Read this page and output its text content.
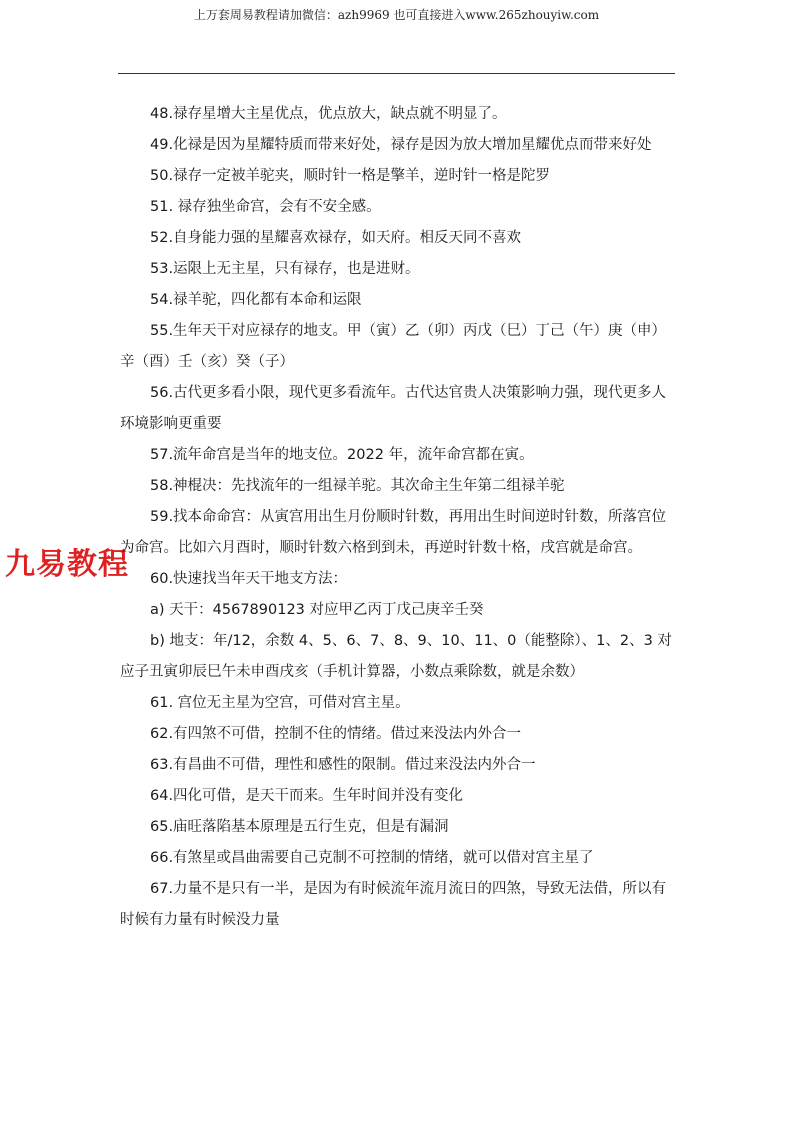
上万套周易教程请加微信：azh9969 也可直接进入www.265zhouyiw.com
九易教程

48.禄存星增大主星优点，优点放大，缺点就不明显了。

49.化禄是因为星耀特质而带来好处，禄存是因为放大增加星耀优点而带来好处

50.禄存一定被羊驼夹，顺时针一格是擎羊，逆时针一格是陀罗

51. 禄存独坐命宫，会有不安全感。

52.自身能力强的星耀喜欢禄存，如天府。相反天同不喜欢

53.运限上无主星，只有禄存，也是进财。

54.禄羊驼，四化都有本命和运限

55.生年天干对应禄存的地支。甲（寅）乙（卯）丙戊（巳）丁己（午）庚（申）辛（酉）壬（亥）癸（子）

56.古代更多看小限，现代更多看流年。古代达官贵人决策影响力强，现代更多人环境影响更重要

57.流年命宫是当年的地支位。2022 年，流年命宫都在寅。

58.神棍决：先找流年的一组禄羊驼。其次命主生年第二组禄羊驼

59.找本命命宫：从寅宫用出生月份顺时针数，再用出生时间逆时针数，所落宫位为命宫。比如六月酉时，顺时针数六格到到未，再逆时针数十格，戌宫就是命宫。

60.快速找当年天干地支方法：

a) 天干：4567890123 对应甲乙丙丁戊己庚辛壬癸

b) 地支：年/12，余数 4、5、6、7、8、9、10、11、0（能整除）、1、2、3 对应子丑寅卯辰巳午未申酉戌亥（手机计算器，小数点乘除数，就是余数）

61. 宫位无主星为空宫，可借对宫主星。

62.有四煞不可借，控制不住的情绪。借过来没法内外合一

63.有昌曲不可借，理性和感性的限制。借过来没法内外合一

64.四化可借，是天干而来。生年时间并没有变化

65.庙旺落陷基本原理是五行生克，但是有漏洞

66.有煞星或昌曲需要自己克制不可控制的情绪，就可以借对宫主星了

67.力量不是只有一半，是因为有时候流年流月流日的四煞，导致无法借，所以有时候有力量有时候没力量
